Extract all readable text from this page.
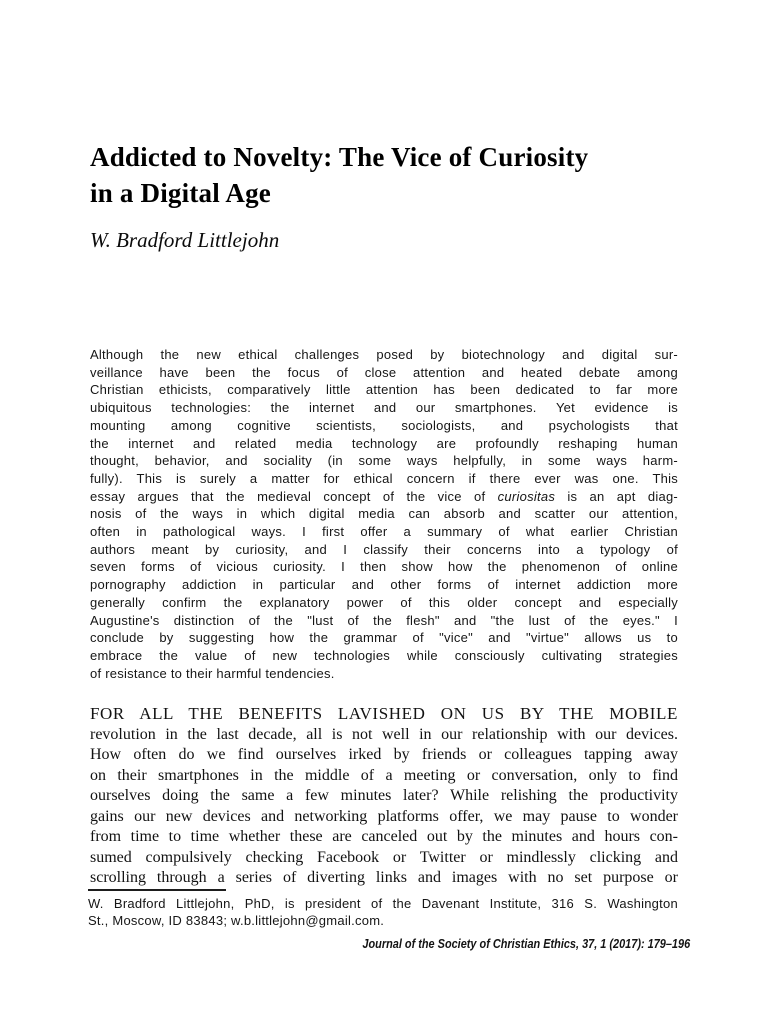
Addicted to Novelty: The Vice of Curiosity
in a Digital Age
W. Bradford Littlejohn
Although the new ethical challenges posed by biotechnology and digital sur-
veillance have been the focus of close attention and heated debate among
Christian ethicists, comparatively little attention has been dedicated to far more
ubiquitous technologies: the internet and our smartphones. Yet evidence is
mounting among cognitive scientists, sociologists, and psychologists that
the internet and related media technology are profoundly reshaping human
thought, behavior, and sociality (in some ways helpfully, in some ways harm-
fully). This is surely a matter for ethical concern if there ever was one. This
essay argues that the medieval concept of the vice of curiositas is an apt diag-
nosis of the ways in which digital media can absorb and scatter our attention,
often in pathological ways. I first offer a summary of what earlier Christian
authors meant by curiosity, and I classify their concerns into a typology of
seven forms of vicious curiosity. I then show how the phenomenon of online
pornography addiction in particular and other forms of internet addiction more
generally confirm the explanatory power of this older concept and especially
Augustine's distinction of the "lust of the flesh" and "the lust of the eyes." I
conclude by suggesting how the grammar of "vice" and "virtue" allows us to
embrace the value of new technologies while consciously cultivating strategies
of resistance to their harmful tendencies.
FOR ALL THE BENEFITS LAVISHED ON US BY THE MOBILE
revolution in the last decade, all is not well in our relationship with our devices.
How often do we find ourselves irked by friends or colleagues tapping away
on their smartphones in the middle of a meeting or conversation, only to find
ourselves doing the same a few minutes later? While relishing the productivity
gains our new devices and networking platforms offer, we may pause to wonder
from time to time whether these are canceled out by the minutes and hours con-
sumed compulsively checking Facebook or Twitter or mindlessly clicking and
scrolling through a series of diverting links and images with no set purpose or
W. Bradford Littlejohn, PhD, is president of the Davenant Institute, 316 S. Washington
St., Moscow, ID 83843; w.b.littlejohn@gmail.com.
Journal of the Society of Christian Ethics, 37, 1 (2017): 179–196
